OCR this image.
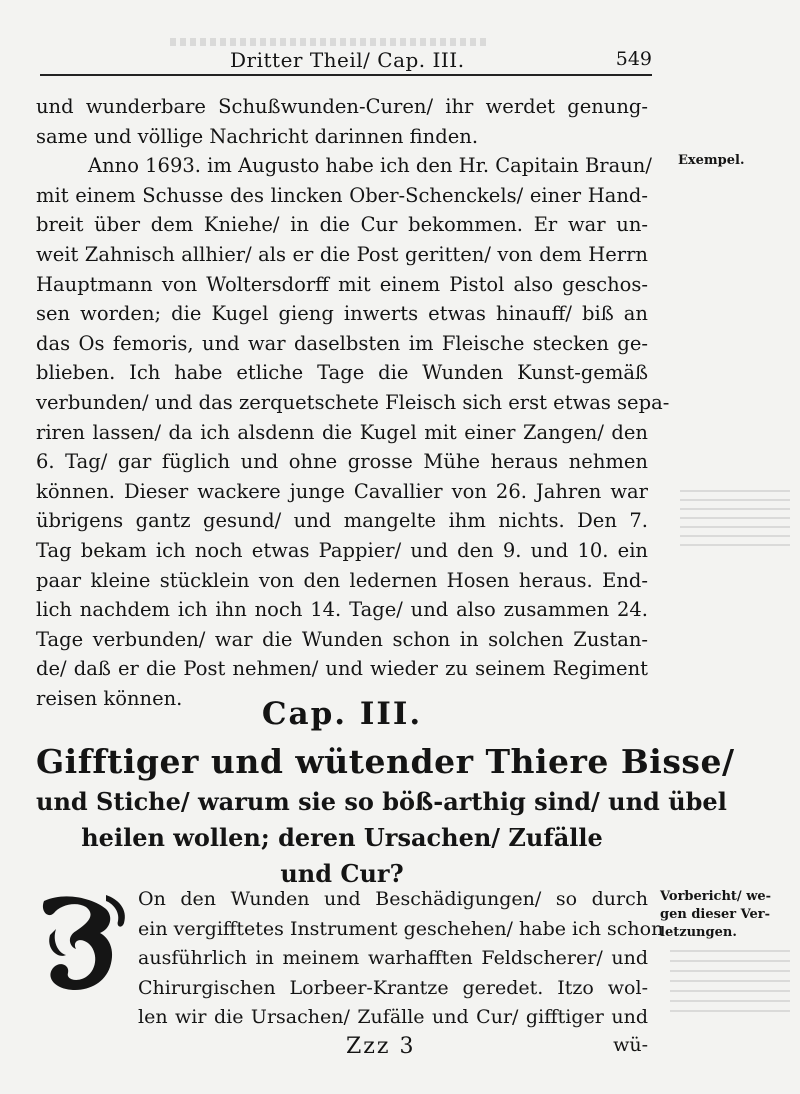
Dritter Theil/ Cap. III.	549
und wunderbare Schußwunden-Curen/ ihr werdet genung-
same und völlige Nachricht darinnen finden.
Anno 1693. im Augusto habe ich den Hr. Capitain Braun/
mit einem Schusse des lincken Ober-Schenckels/ einer Hand-
breit über dem Kniehe/ in die Cur bekommen. Er war un-
weit Zahnisch allhier/ als er die Post geritten/ von dem Herrn
Hauptmann von Woltersdorff mit einem Pistol also geschos-
sen worden; die Kugel gieng inwerts etwas hinauff/ biß an
das Os femoris, und war daselbsten im Fleische stecken ge-
blieben. Ich habe etliche Tage die Wunden Kunst-gemäß
verbunden/ und das zerquetschete Fleisch sich erst etwas sepa-
riren lassen/ da ich alsdenn die Kugel mit einer Zangen/ den
6. Tag/ gar füglich und ohne grosse Mühe heraus nehmen
können. Dieser wackere junge Cavallier von 26. Jahren war
übrigens gantz gesund/ und mangelte ihm nichts. Den 7.
Tag bekam ich noch etwas Pappier/ und den 9. und 10. ein
paar kleine stücklein von den ledernen Hosen heraus. End-
lich nachdem ich ihn noch 14. Tage/ und also zusammen 24.
Tage verbunden/ war die Wunden schon in solchen Zustan-
de/ daß er die Post nehmen/ und wieder zu seinem Regiment
reisen können.
Exempel.
Cap. III.
Gifftiger und wütender Thiere Bisse/
und Stiche/ warum sie so böß-arthig sind/ und übel
heilen wollen; deren Ursachen/ Zufälle
und Cur?
On den Wunden und Beschädigungen/ so durch
ein vergifftetes Instrument geschehen/ habe ich schon
ausführlich in meinem warhafften Feldscherer/ und
Chirurgischen Lorbeer-Krantze geredet. Itzo wol-
len wir die Ursachen/ Zufälle und Cur/ gifftiger und
Vorbericht/ we-
gen dieser Ver-
letzungen.
Zzz 3	wü-
